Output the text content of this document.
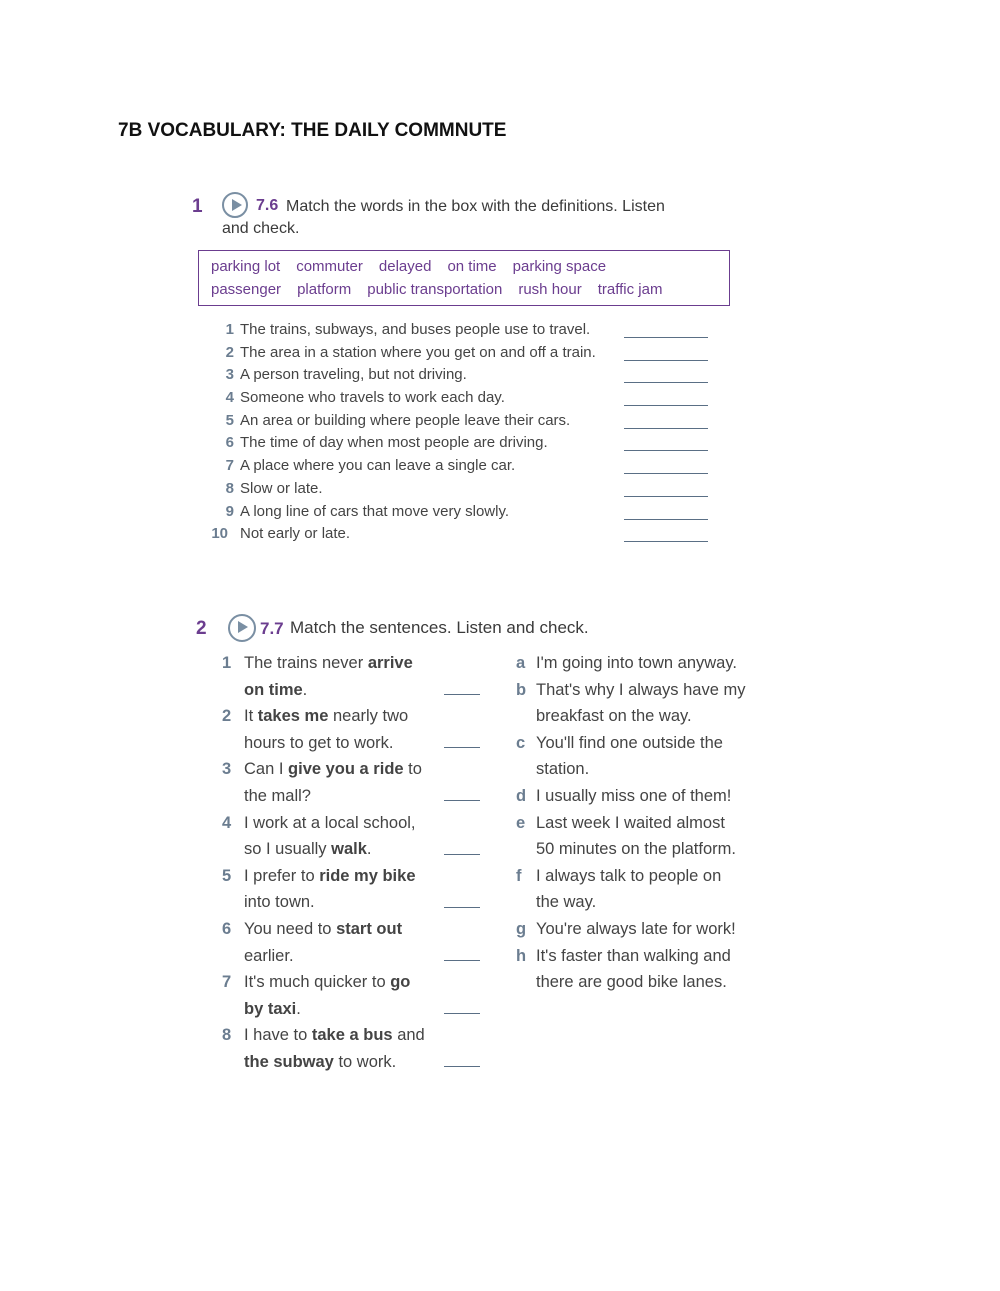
7B VOCABULARY: THE DAILY COMMNUTE
1	7.6 Match the words in the box with the definitions. Listen
and check.
parking lot commuter delayed on time parking space
passenger platform public transportation rush hour traffic jam
1 The trains, subways, and buses people use to travel.
2 The area in a station where you get on and off a train.
3 A person traveling, but not driving.
4 Someone who travels to work each day.
5 An area or building where people leave their cars.
6 The time of day when most people are driving.
7 A place where you can leave a single car.
8 Slow or late.
9 A long line of cars that move very slowly.
10 Not early or late.
2	7.7 Match the sentences. Listen and check.
1 The trains never arrive
on time.
2 It takes me nearly two
hours to get to work.
3 Can I give you a ride to
the mall?
4 I work at a local school,
so I usually walk.
5 I prefer to ride my bike
into town.
6 You need to start out
earlier.
7 It's much quicker to go
by taxi.
8 I have to take a bus and
the subway to work.
a I'm going into town anyway.
b That's why I always have my
breakfast on the way.
c You'll find one outside the
station.
d I usually miss one of them!
e Last week I waited almost
50 minutes on the platform.
f I always talk to people on
the way.
g You're always late for work!
h It's faster than walking and
there are good bike lanes.
